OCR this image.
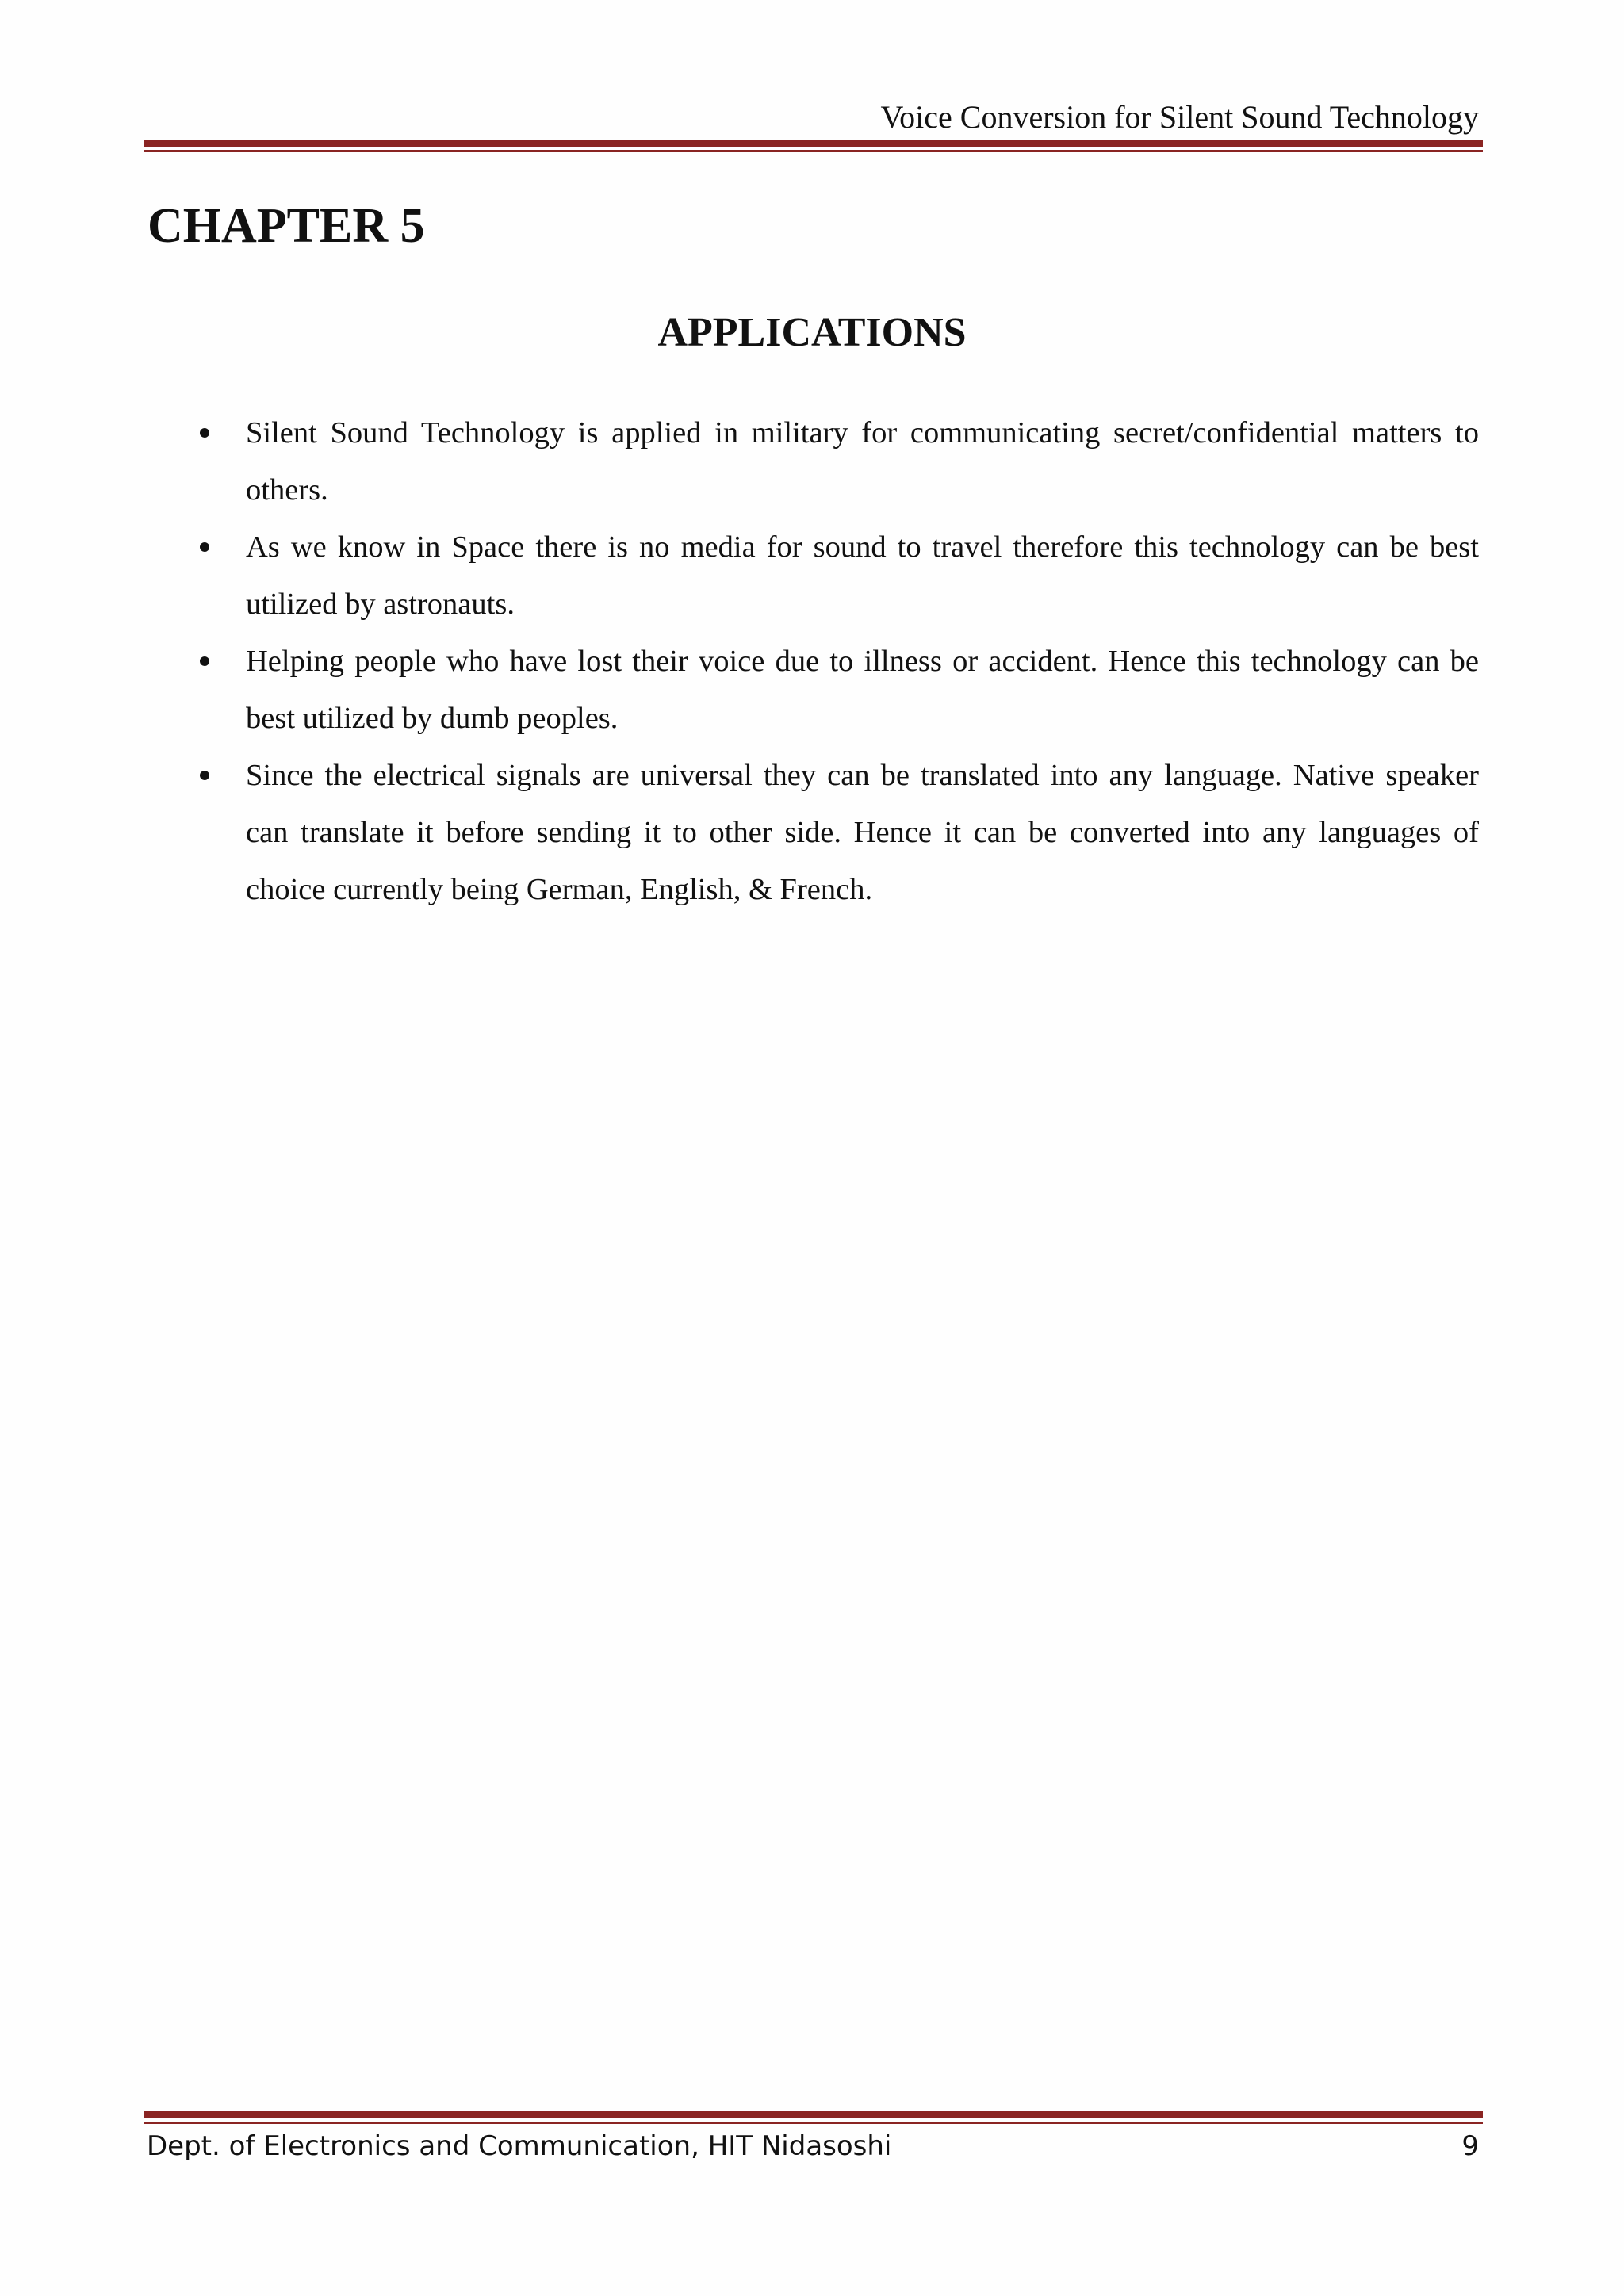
Voice Conversion for Silent Sound Technology
CHAPTER 5
APPLICATIONS
Silent Sound Technology is applied in military for communicating secret/confidential matters to others.
As we know in Space there is no media for sound to travel therefore this technology can be best utilized by astronauts.
Helping people who have lost their voice due to illness or accident. Hence this technology can be best utilized by dumb peoples.
Since the electrical signals are universal they can be translated into any language. Native speaker can translate it before sending it to other side. Hence it can be converted into any languages of choice currently being German, English, & French.
Dept. of Electronics and Communication, HIT Nidasoshi	9
